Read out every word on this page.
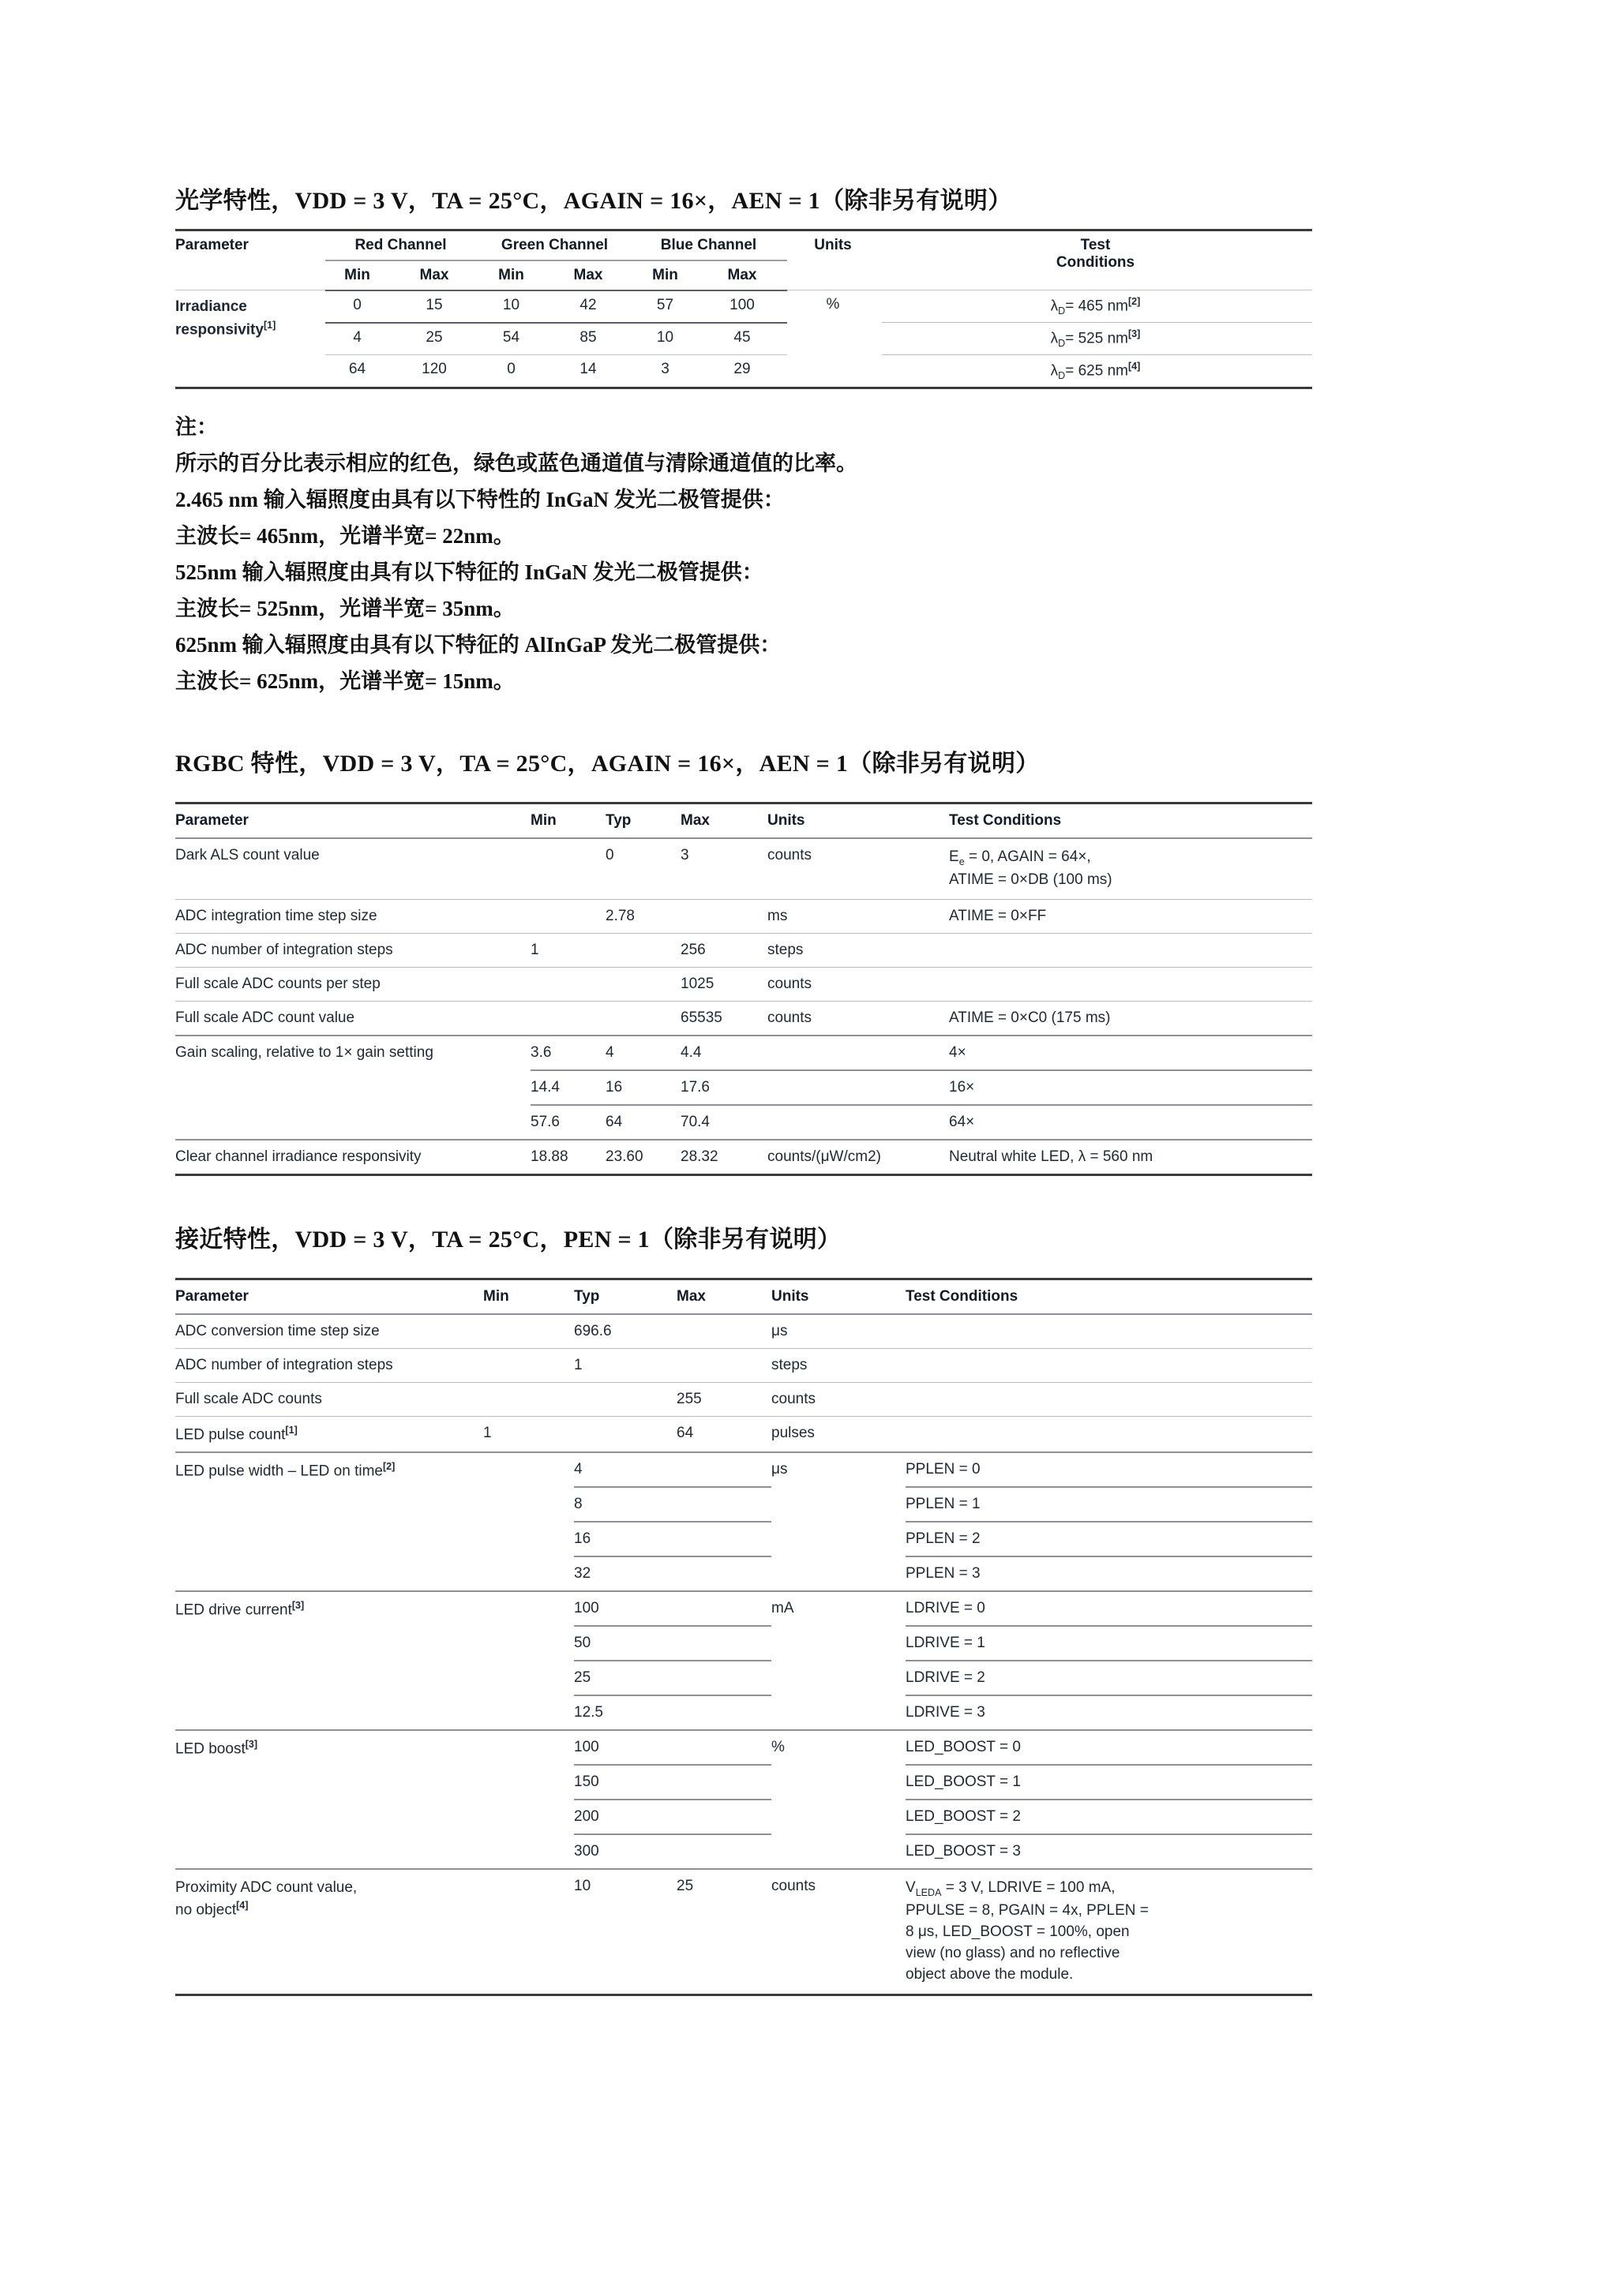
光学特性，VDD = 3 V，TA = 25°C，AGAIN = 16×，AEN = 1（除非另有说明）
Parameter	Red Channel		Green Channel		Blue Channel		Units	Test
Conditions

	Min	Max	Min	Max	Min	Max		
Irradiance
responsivity[1]	0	15	10	42	57	100	%	$\lambda_D= 465$ nm[2]
	4	25	54	85	10	45		$\lambda_D= 525$ nm[3]
	64	120	0	14	3	29		$\lambda_D= 625$ nm[4]

注：
所示的百分比表示相应的红色，绿色或蓝色通道值与清除通道值的比率。
2.465 nm 输入辐照度由具有以下特性的 InGaN 发光二极管提供：
主波长= 465nm，光谱半宽= 22nm。
525nm 输入辐照度由具有以下特征的 InGaN 发光二极管提供：
主波长= 525nm，光谱半宽= 35nm。
625nm 输入辐照度由具有以下特征的 AlInGaP 发光二极管提供：
主波长= 625nm，光谱半宽= 15nm。
RGBC 特性，VDD = 3 V，TA = 25°C，AGAIN = 16×，AEN = 1（除非另有说明）
Parameter	Min	Typ	Max	Units	Test Conditions
Dark ALS count value		0	3	counts	$E_e = 0$, AGAIN = 64×,
ATIME = 0×DB (100 ms)
ADC integration time step size		2.78		ms	ATIME = 0×FF
ADC number of integration steps	1		256	steps	
Full scale ADC counts per step			1025	counts	
Full scale ADC count value			65535	counts	ATIME = 0×C0 (175 ms)
Gain scaling, relative to 1× gain setting	3.6	4	4.4		4×
	14.4	16	17.6		16×
	57.6	64	70.4		64×
Clear channel irradiance responsivity	18.88	23.60	28.32	counts/(μW/cm2)	Neutral white LED, λ = 560 nm
接近特性，VDD = 3 V，TA = 25°C，PEN = 1（除非另有说明）
Parameter	Min	Typ	Max	Units	Test Conditions
ADC conversion time step size		696.6		μs	
ADC number of integration steps		1		steps	
Full scale ADC counts			255	counts	
LED pulse count[1]	1		64	pulses	
LED pulse width – LED on time[2]		4		μs	PPLEN = 0
		8			PPLEN = 1
		16			PPLEN = 2
		32			PPLEN = 3
LED drive current[3]		100		mA	LDRIVE = 0
		50			LDRIVE = 1
		25			LDRIVE = 2
		12.5			LDRIVE = 3
LED boost[3]		100		%	LED_BOOST = 0
		150			LED_BOOST = 1
		200			LED_BOOST = 2
		300			LED_BOOST = 3
Proximity ADC count value,
no object[4]		10	25	counts	$V_{LEDA} = 3$ V, LDRIVE = 100 mA,
PPULSE = 8, PGAIN = 4x, PPLEN =
8 μs, LED_BOOST = 100%, open
view (no glass) and no reflective
object above the module.
